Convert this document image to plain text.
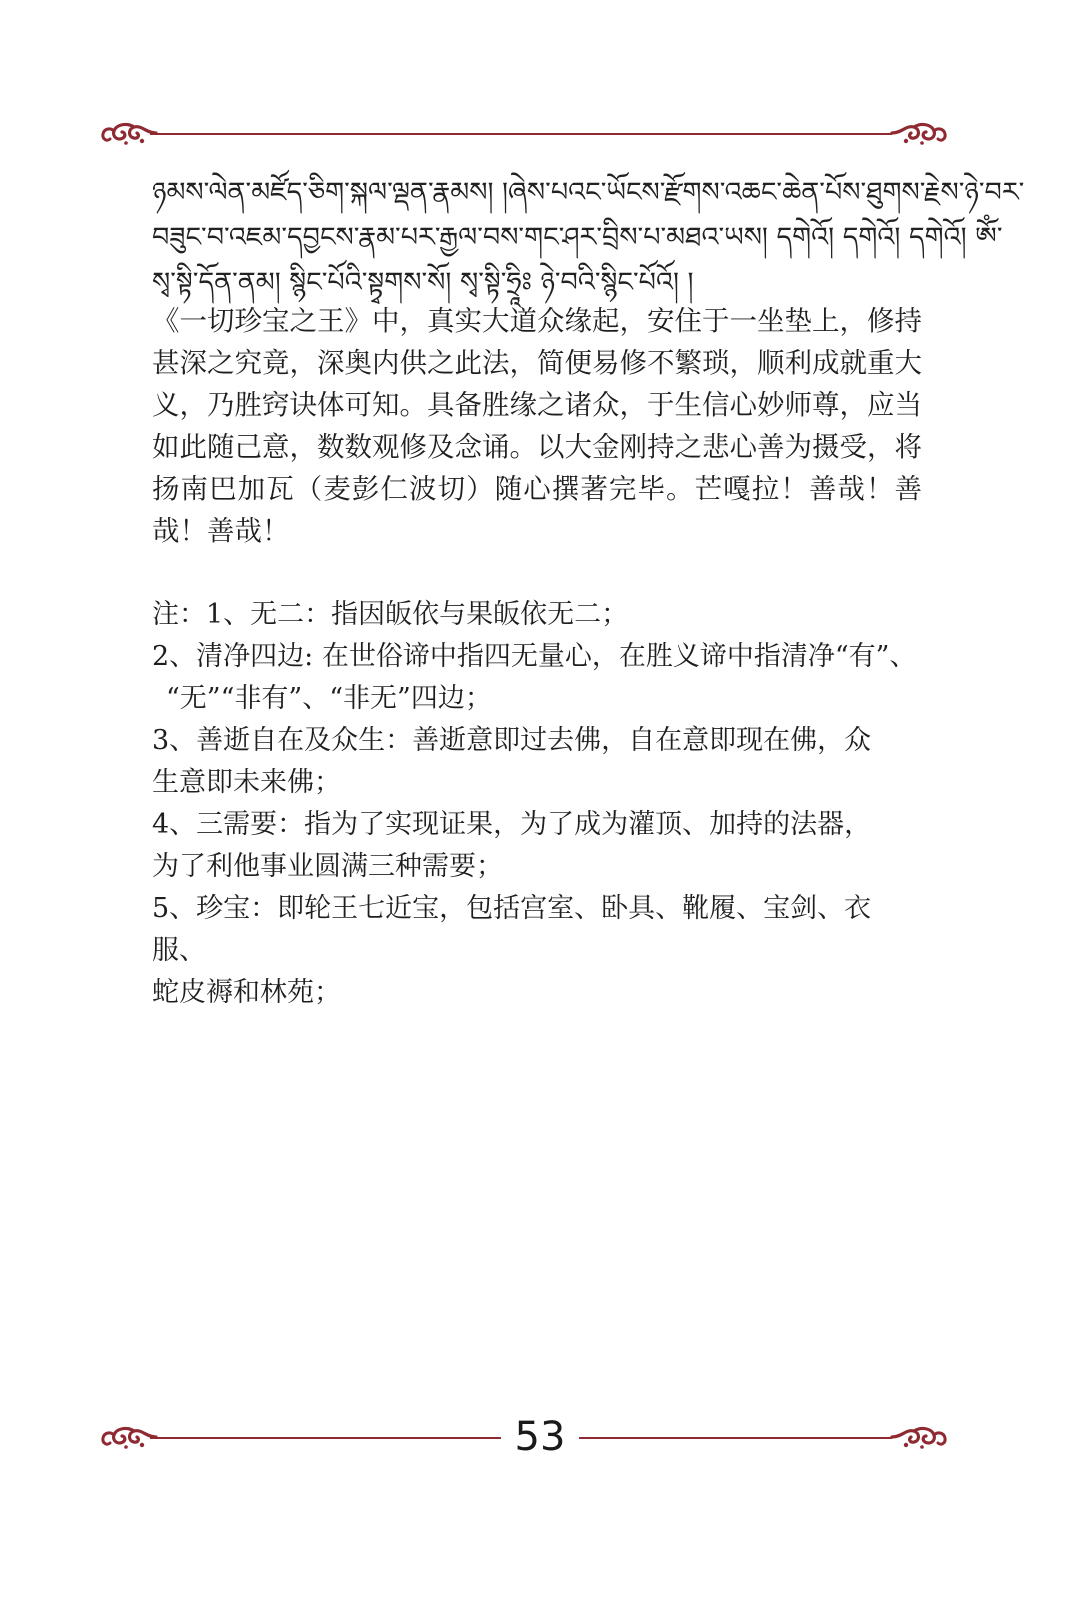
ཉམས་ལེན་མཛོད་ཅིག་སྐལ་ལྡན་རྣམས། །ཞེས་པའང་ཡོངས་རྫོགས་འཆང་ཆེན་པོས་ཐུགས་རྗེས་ཉེ་བར་
བཟུང་བ་འཇམ་དབྱངས་རྣམ་པར་རྒྱལ་བས་གང་ཤར་བྲིས་པ་མཐའ་ཡས། དགེའོ། དགེའོ། དགེའོ། ཨོཾ་
སྭ་སྟི་དོན་ནམ། སྙིང་པོའི་སྟྭགས་སོ། སྭ་སྟི་ཧྲཱིཿ ཉེ་བའི་སྙིང་པོའོ། །
《一切珍宝之王》中，真实大道众缘起，安住于一坐垫上，修持甚深之究竟，深奥内供之此法，简便易修不繁琐，顺利成就重大义，乃胜窍诀体可知。具备胜缘之诸众，于生信心妙师尊，应当如此随己意，数数观修及念诵。以大金刚持之悲心善为摄受，将扬南巴加瓦（麦彭仁波切）随心撰著完毕。芒嘎拉！善哉！善哉！善哉！
注：1、无二：指因皈依与果皈依无二；
2、清净四边: 在世俗谛中指四无量心，在胜义谛中指清净“有”、
“无”“非有”、“非无”四边；
3、善逝自在及众生：善逝意即过去佛，自在意即现在佛，众
生意即未来佛；
4、三需要：指为了实现证果，为了成为灌顶、加持的法器，
为了利他事业圆满三种需要；
5、珍宝：即轮王七近宝，包括宫室、卧具、靴履、宝剑、衣服、
蛇皮褥和林苑；
53
